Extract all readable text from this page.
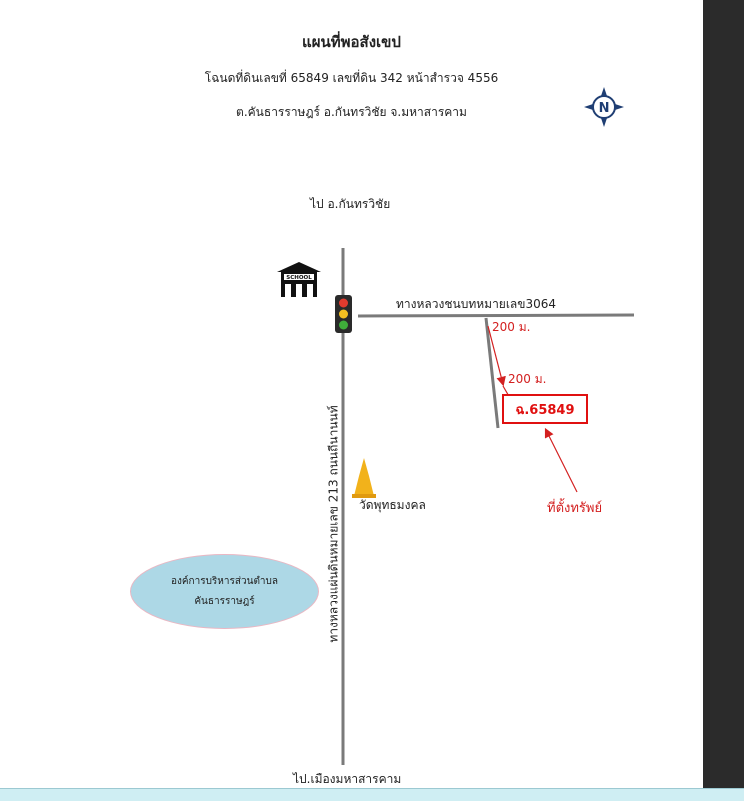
N
SCHOOL
แผนที่พอสังเขป
โฉนดที่ดินเลขที่ 65849 เลขที่ดิน 342 หน้าสำรวจ 4556
ต.คันธารราษฎร์ อ.กันทรวิชัย จ.มหาสารคาม
ไป อ.กันทรวิชัย
ไป.เมืองมหาสารคาม
ทางหลวงชนบทหมายเลข3064
ทางหลวงแผ่นดินหมายเลข 213 ถนนถีนานนท์
200 ม.
200 ม.
ฉ.65849
ที่ตั้งทรัพย์
วัดพุทธมงคล
องค์การบริหารส่วนตำบล
คันธารราษฎร์
